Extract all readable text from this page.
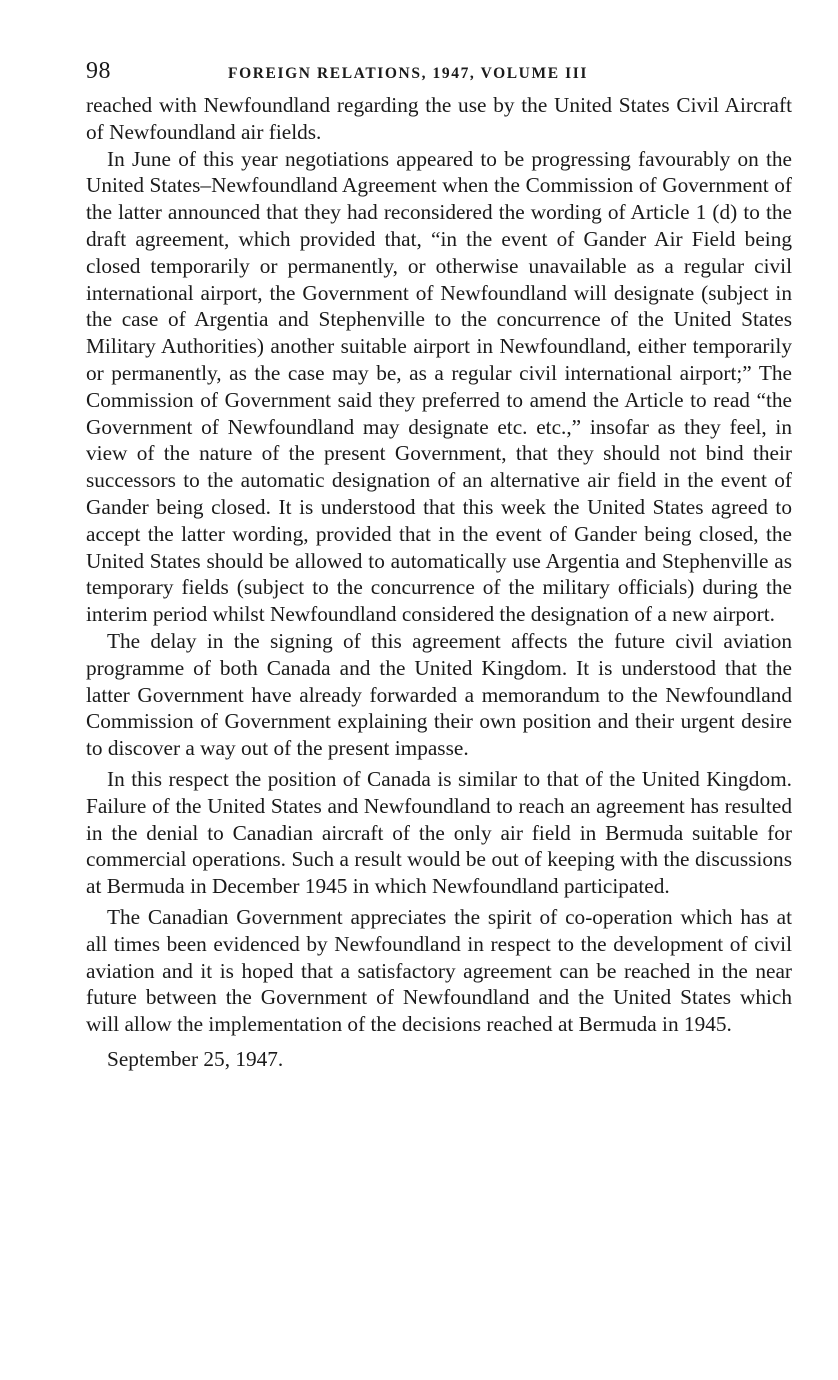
98	FOREIGN RELATIONS, 1947, VOLUME III

reached with Newfoundland regarding the use by the United States Civil Aircraft of Newfoundland air fields.

In June of this year negotiations appeared to be progressing favourably on the United States–Newfoundland Agreement when the Commission of Government of the latter announced that they had reconsidered the wording of Article 1 (d) to the draft agreement, which provided that, “in the event of Gander Air Field being closed temporarily or permanently, or otherwise unavailable as a regular civil international airport, the Government of Newfoundland will designate (subject in the case of Argentia and Stephenville to the concurrence of the United States Military Authorities) another suitable airport in Newfoundland, either temporarily or permanently, as the case may be, as a regular civil international airport;” The Commission of Government said they preferred to amend the Article to read “the Government of Newfoundland may designate etc. etc.,” insofar as they feel, in view of the nature of the present Government, that they should not bind their successors to the automatic designation of an alternative air field in the event of Gander being closed. It is understood that this week the United States agreed to accept the latter wording, provided that in the event of Gander being closed, the United States should be allowed to automatically use Argentia and Stephenville as temporary fields (subject to the concurrence of the military officials) during the interim period whilst Newfoundland considered the designation of a new airport.

The delay in the signing of this agreement affects the future civil aviation programme of both Canada and the United Kingdom. It is understood that the latter Government have already forwarded a memorandum to the Newfoundland Commission of Government explaining their own position and their urgent desire to discover a way out of the present impasse.

In this respect the position of Canada is similar to that of the United Kingdom. Failure of the United States and Newfoundland to reach an agreement has resulted in the denial to Canadian aircraft of the only air field in Bermuda suitable for commercial operations. Such a result would be out of keeping with the discussions at Bermuda in December 1945 in which Newfoundland participated.

The Canadian Government appreciates the spirit of co-operation which has at all times been evidenced by Newfoundland in respect to the development of civil aviation and it is hoped that a satisfactory agreement can be reached in the near future between the Government of Newfoundland and the United States which will allow the implementation of the decisions reached at Bermuda in 1945.

September 25, 1947.
